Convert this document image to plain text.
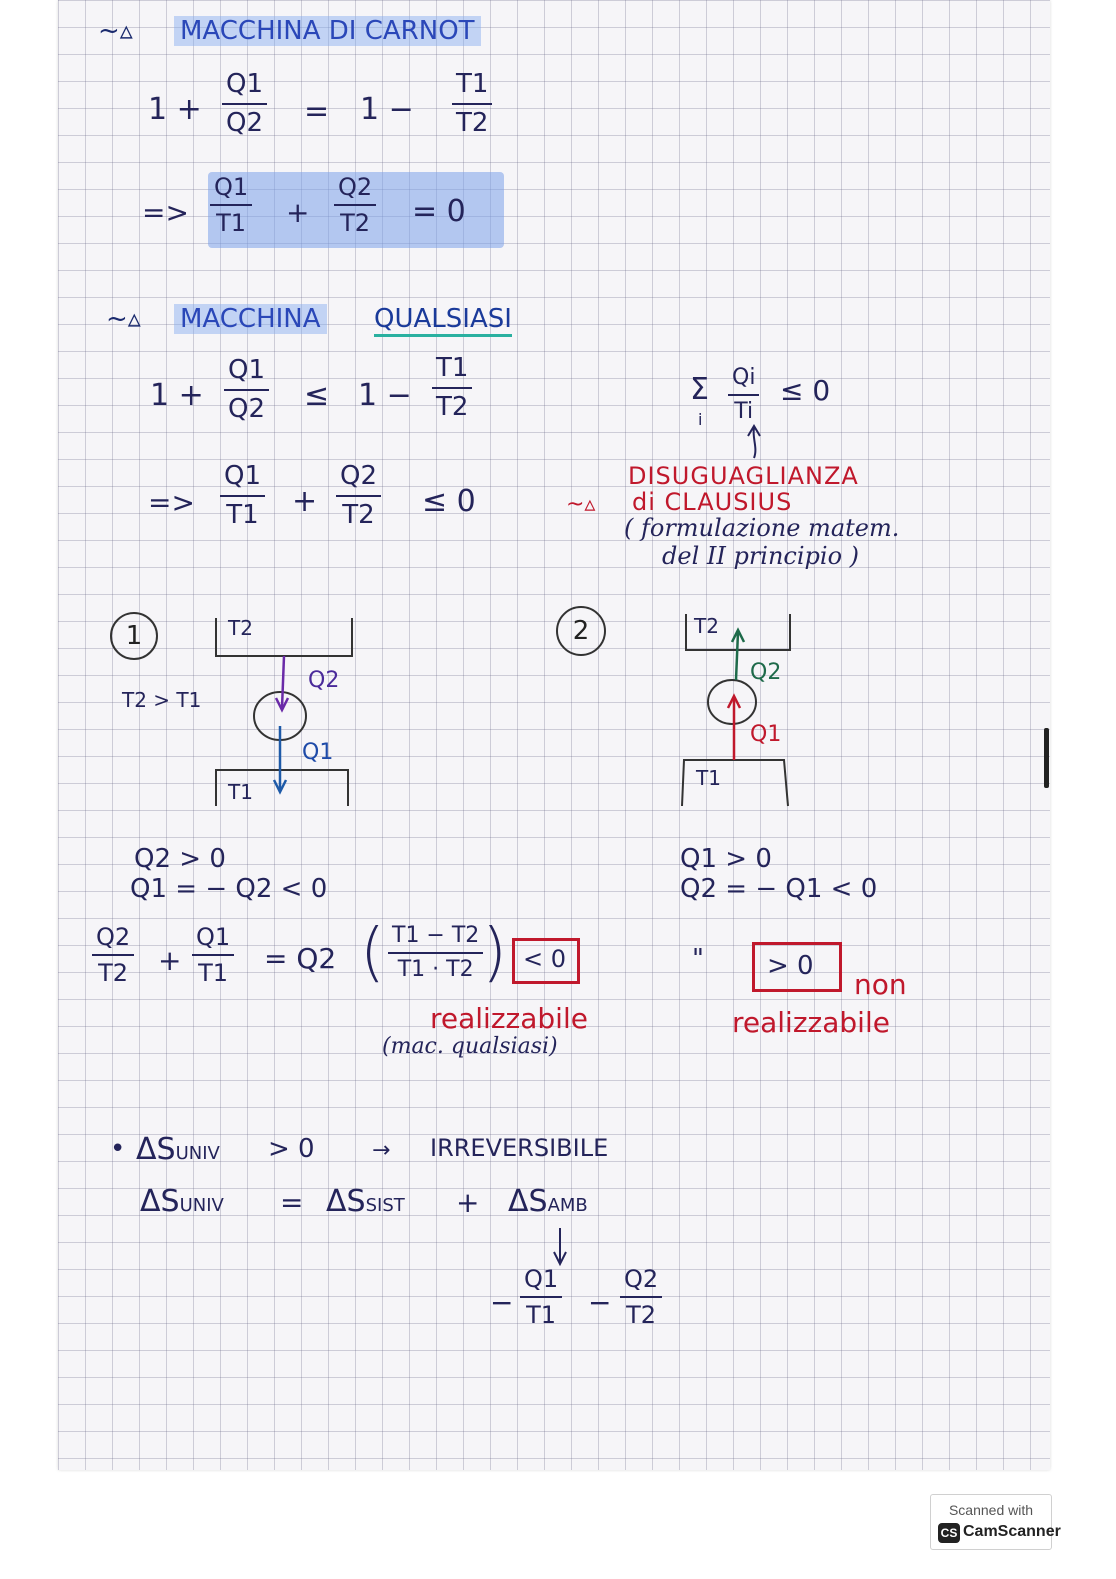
~▵ MACCHINA DI CARNOT
1 +
Q1
Q2 = 1 −
T1
T2
=>
Q1
T1 +
Q2
T2 = 0
~▵ MACCHINA QUALSIASI
1 +
Q1
Q2 ≤ 1 −
T1
T2
=>
Q1
T1 +
Q2
T2 ≤ 0
Σ
i
Qi
Ti
≤ 0
~▵
DISUGUAGLIANZA
di CLAUSIUS
( formulazione matem.
del II principio )
1	T2
T1
T2 > T1
Q2
Q1
2	T2
T1
Q2
Q1
Q2 > 0
Q1 = − Q2 < 0
Q1 > 0
Q2 = − Q1 < 0
Q2
T2 +
Q1
T1 = Q2 ( T1 − T2
T1 · T2 ) < 0
realizzabile
(mac. qualsiasi)
" > 0
non
realizzabile
• ΔSUNIV > 0	→ IRREVERSIBILE
ΔSUNIV = ΔSSIST + ΔSAMB
−
Q1
T1 −
Q2
T2
Scanned with
CS CamScanner
